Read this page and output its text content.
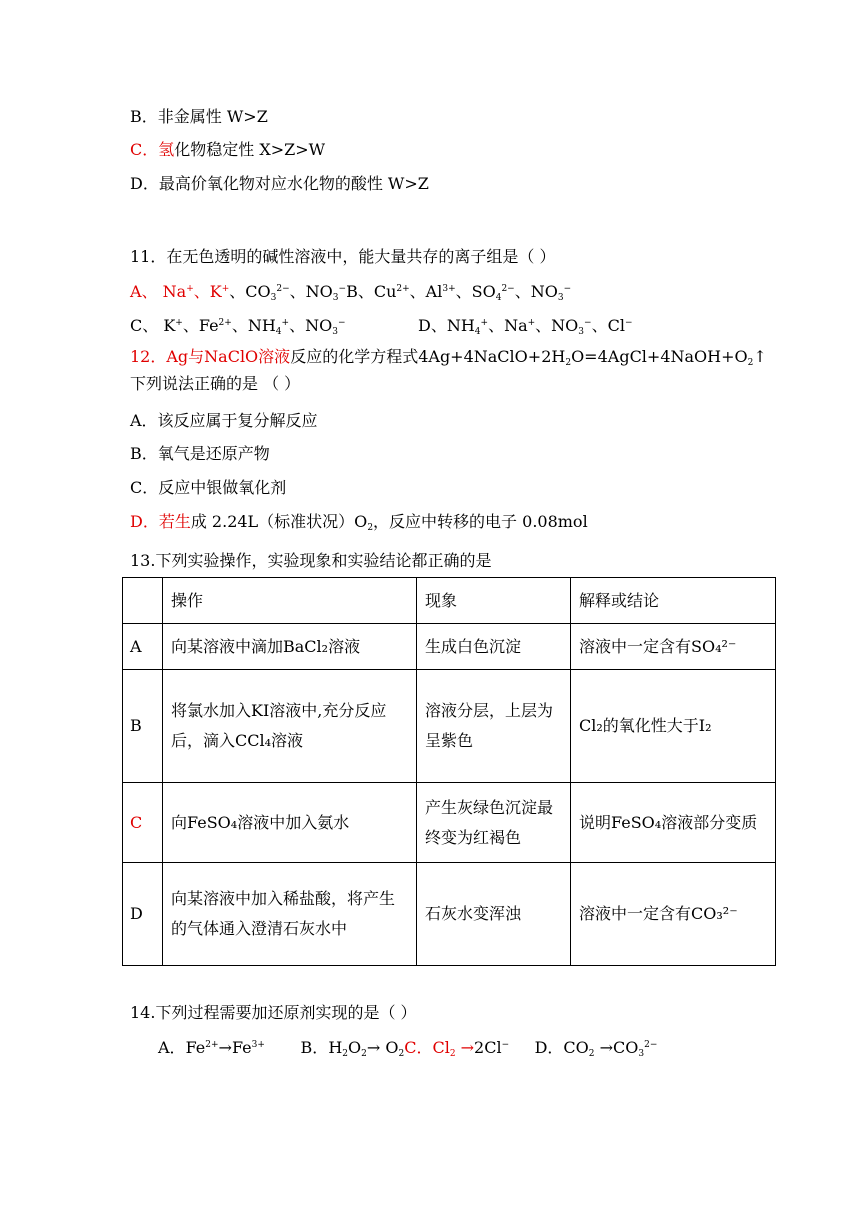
B．非金属性 W>Z
C．氢化物稳定性 X>Z>W
D．最高价氧化物对应水化物的酸性 W>Z
11．在无色透明的碱性溶液中，能大量共存的离子组是（ ）
A、 Na+、K+、$CO_3^{2-}$、$NO_3^-B$、$Cu^{2+}$、$Al^{3+}$、$SO_4^{2-}$、$NO_3^-$
C、 K+、$Fe^{2+}$、$NH_4^+$、$NO_3^-$	D、$NH_4^+$、Na+、$NO_3^-$、Cl−
12．Ag与NaClO溶液反应的化学方程式$4Ag+4NaClO+2H_2O=4AgCl+4NaOH+O_2↑$
下列说法正确的是 （ ）
A．该反应属于复分解反应
B．氧气是还原产物
C．反应中银做氧化剂
D．若生成 2.24L（标准状况）$O_2$，反应中转移的电子 0.08mol
13.下列实验操作，实验现象和实验结论都正确的是
	操作	现象	解释或结论
A	向某溶液中滴加BaCl₂溶液	生成白色沉淀	溶液中一定含有SO₄²⁻
B	将氯水加入KI溶液中,充分反应后，滴入CCl₄溶液	溶液分层，上层为呈紫色	Cl₂的氧化性大于I₂
C	向FeSO₄溶液中加入氨水	产生灰绿色沉淀最终变为红褐色	说明FeSO₄溶液部分变质
D	向某溶液中加入稀盐酸，将产生的气体通入澄清石灰水中	石灰水变浑浊	溶液中一定含有CO₃²⁻
14.下列过程需要加还原剂实现的是（ ）
A．$Fe^{2+}\to Fe^{3+}$ B．$H_2O_2\to O_2C$．$Cl_2 \to 2Cl^-$ D．$CO_2 \to CO_3^{2-}$
